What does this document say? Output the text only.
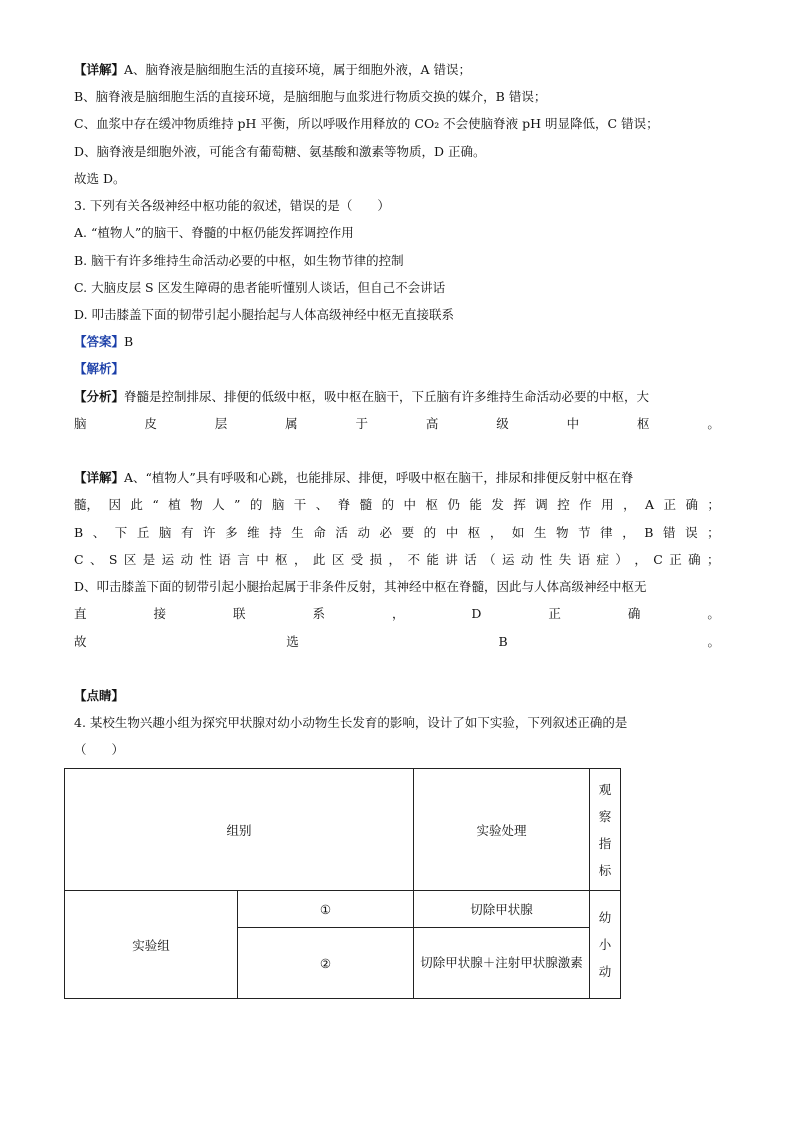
【详解】A、脑脊液是脑细胞生活的直接环境，属于细胞外液，A 错误；
B、脑脊液是脑细胞生活的直接环境，是脑细胞与血浆进行物质交换的媒介，B 错误；
C、血浆中存在缓冲物质维持 pH 平衡，所以呼吸作用释放的 CO₂ 不会使脑脊液 pH 明显降低，C 错误；
D、脑脊液是细胞外液，可能含有葡萄糖、氨基酸和激素等物质，D 正确。
故选 D。
3. 下列有关各级神经中枢功能的叙述，错误的是（　　）
A. “植物人”的脑干、脊髓的中枢仍能发挥调控作用
B. 脑干有许多维持生命活动必要的中枢，如生物节律的控制
C. 大脑皮层 S 区发生障碍的患者能听懂别人谈话，但自己不会讲话
D. 叩击膝盖下面的韧带引起小腿抬起与人体高级神经中枢无直接联系
【答案】B
【解析】
【分析】脊髓是控制排尿、排便的低级中枢，吸中枢在脑干，下丘脑有许多维持生命活动必要的中枢，大
脑	皮	层	属	于	高	级	中	枢	。
【详解】A、“植物人”具有呼吸和心跳，也能排尿、排便，呼吸中枢在脑干，排尿和排便反射中枢在脊
髓， 因 此 “ 植 物 人 ” 的 脑 干 、 脊 髓 的 中 枢 仍 能 发 挥 调 控 作 用 ， A 正 确 ；
B 、 下 丘 脑 有 许 多 维 持 生 命 活 动 必 要 的 中 枢 ， 如 生 物 节 律 ， B 错 误 ；
C 、 S 区 是 运 动 性 语 言 中 枢 ， 此 区 受 损 ， 不 能 讲 话 （ 运 动 性 失 语 症 ） ， C 正 确 ；
D、叩击膝盖下面的韧带引起小腿抬起属于非条件反射，其神经中枢在脊髓，因此与人体高级神经中枢无
直	接	联	系	，	D	正	确	。
故	选	B	。
【点睛】
4. 某校生物兴趣小组为探究甲状腺对幼小动物生长发育的影响，设计了如下实验，下列叙述正确的是
（　　）
组别		实验处理	观察指标

实验组	①	切除甲状腺	幼小动

	②	切除甲状腺＋注射甲状腺激素	
